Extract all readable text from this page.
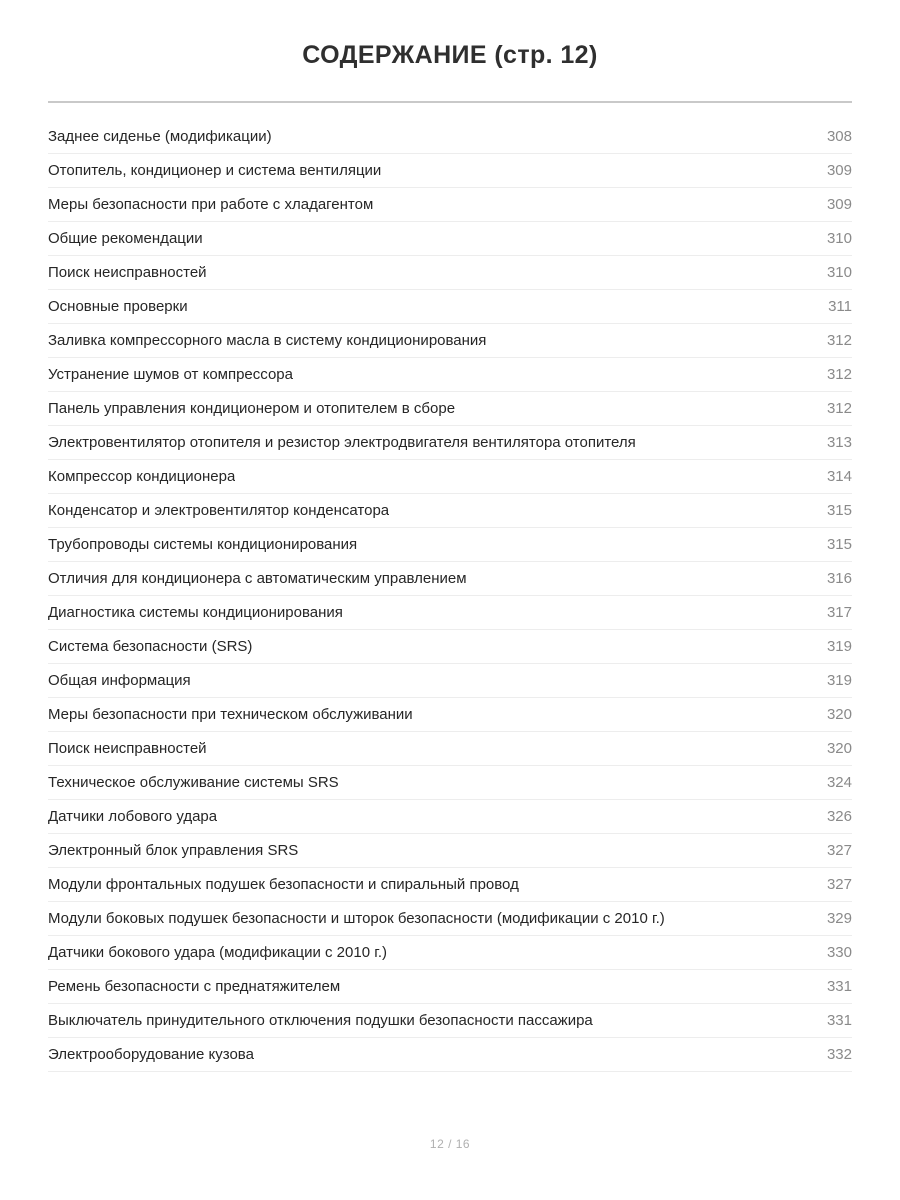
СОДЕРЖАНИЕ (стр. 12)
Заднее сиденье (модификации)	308
Отопитель, кондиционер и система вентиляции	309
Меры безопасности при работе с хладагентом	309
Общие рекомендации	310
Поиск неисправностей	310
Основные проверки	311
Заливка компрессорного масла в систему кондиционирования	312
Устранение шумов от компрессора	312
Панель управления кондиционером и отопителем в сборе	312
Электровентилятор отопителя и резистор электродвигателя вентилятора отопителя	313
Компрессор кондиционера	314
Конденсатор и электровентилятор конденсатора	315
Трубопроводы системы кондиционирования	315
Отличия для кондиционера с автоматическим управлением	316
Диагностика системы кондиционирования	317
Система безопасности (SRS)	319
Общая информация	319
Меры безопасности при техническом обслуживании	320
Поиск неисправностей	320
Техническое обслуживание системы SRS	324
Датчики лобового удара	326
Электронный блок управления SRS	327
Модули фронтальных подушек безопасности и спиральный провод	327
Модули боковых подушек безопасности и шторок безопасности (модификации с 2010 г.)	329
Датчики бокового удара (модификации с 2010 г.)	330
Ремень безопасности с преднатяжителем	331
Выключатель принудительного отключения подушки безопасности пассажира	331
Электрооборудование кузова	332
12 / 16
